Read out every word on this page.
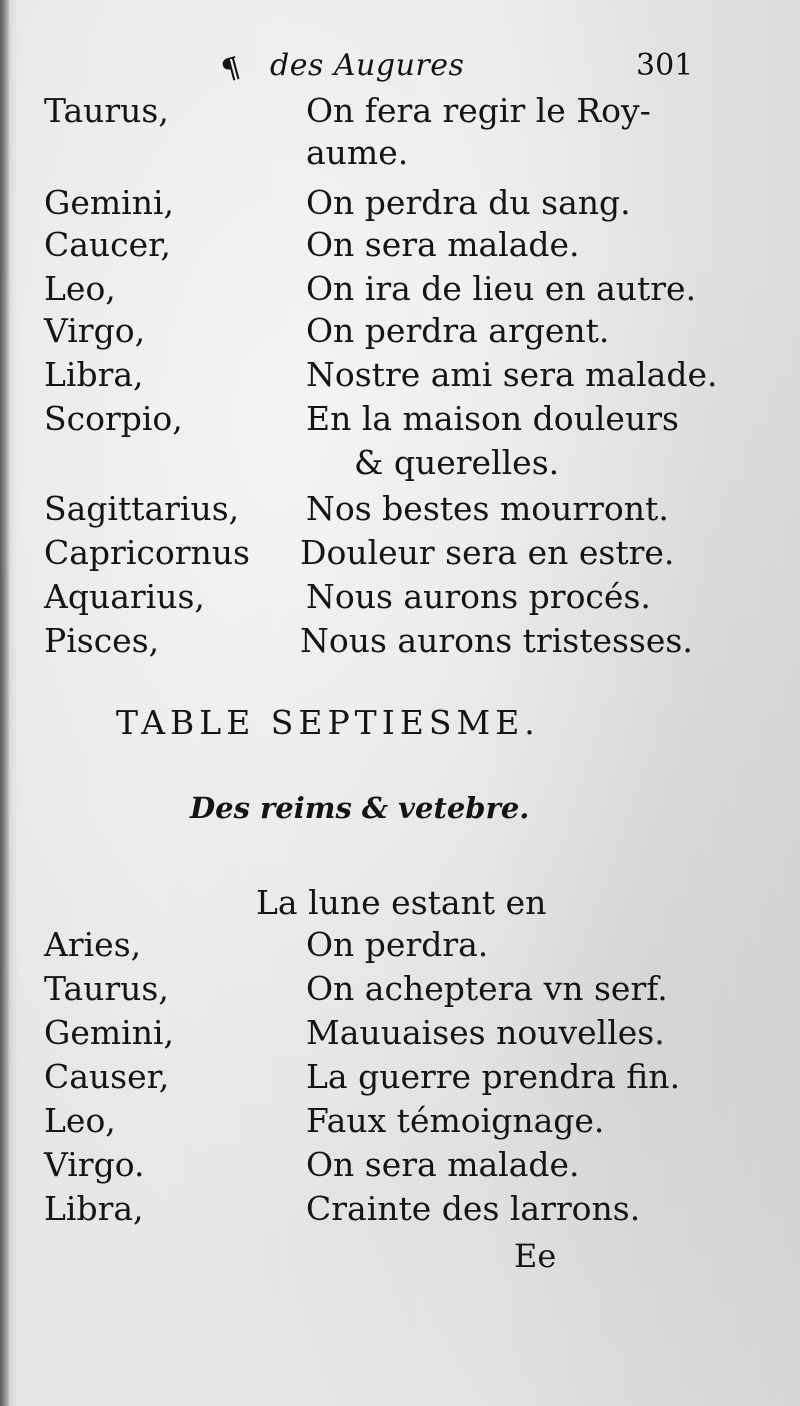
¶ des Augures	301
Taurus,	On fera regir le Roy-
aume.
Gemini,	On perdra du sang.
Caucer,	On sera malade.
Leo,	On ira de lieu en autre.
Virgo,	On perdra argent.
Libra,	Nostre ami sera malade.
Scorpio,	En la maison douleurs
& querelles.
Sagittarius, Nos bestes mourront.
Capricornus Douleur sera en estre.
Aquarius,	Nous aurons procés.
Pisces,	Nous aurons tristesses.
TABLE SEPTIESME.
Des reims & vetebre.
La lune estant en
Aries,	On perdra.
Taurus,	On acheptera vn serf.
Gemini,	Mauuaises nouvelles.
Causer,	La guerre prendra fin.
Leo,	Faux témoignage.
Virgo.	On sera malade.
Libra,	Crainte des larrons.
Ee
